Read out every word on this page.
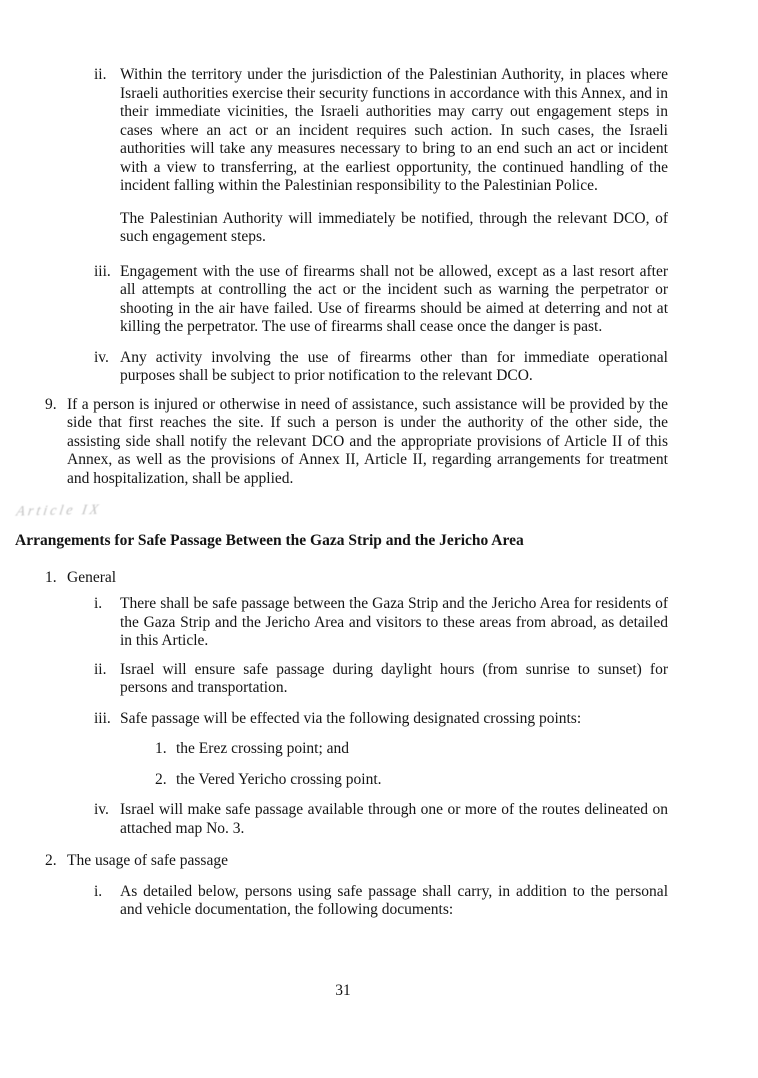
ii. Within the territory under the jurisdiction of the Palestinian Authority, in places where Israeli authorities exercise their security functions in accordance with this Annex, and in their immediate vicinities, the Israeli authorities may carry out engagement steps in cases where an act or an incident requires such action. In such cases, the Israeli authorities will take any measures necessary to bring to an end such an act or incident with a view to transferring, at the earliest opportunity, the continued handling of the incident falling within the Palestinian responsibility to the Palestinian Police.

The Palestinian Authority will immediately be notified, through the relevant DCO, of such engagement steps.

iii. Engagement with the use of firearms shall not be allowed, except as a last resort after all attempts at controlling the act or the incident such as warning the perpetrator or shooting in the air have failed. Use of firearms should be aimed at deterring and not at killing the perpetrator. The use of firearms shall cease once the danger is past.

iv. Any activity involving the use of firearms other than for immediate operational purposes shall be subject to prior notification to the relevant DCO.

9. If a person is injured or otherwise in need of assistance, such assistance will be provided by the side that first reaches the site. If such a person is under the authority of the other side, the assisting side shall notify the relevant DCO and the appropriate provisions of Article II of this Annex, as well as the provisions of Annex II, Article II, regarding arrangements for treatment and hospitalization, shall be applied.

Article IX
Arrangements for Safe Passage Between the Gaza Strip and the Jericho Area
1. General
i.	There shall be safe passage between the Gaza Strip and the Jericho Area for residents of the Gaza Strip and the Jericho Area and visitors to these areas from abroad, as detailed in this Article.

ii. Israel will ensure safe passage during daylight hours (from sunrise to sunset) for persons and transportation.

iii. Safe passage will be effected via the following designated crossing points:

1. the Erez crossing point; and
2. the Vered Yericho crossing point.
iv. Israel will make safe passage available through one or more of the routes delineated on attached map No. 3.

2. The usage of safe passage
i.	As detailed below, persons using safe passage shall carry, in addition to the personal and vehicle documentation, the following documents:

31
